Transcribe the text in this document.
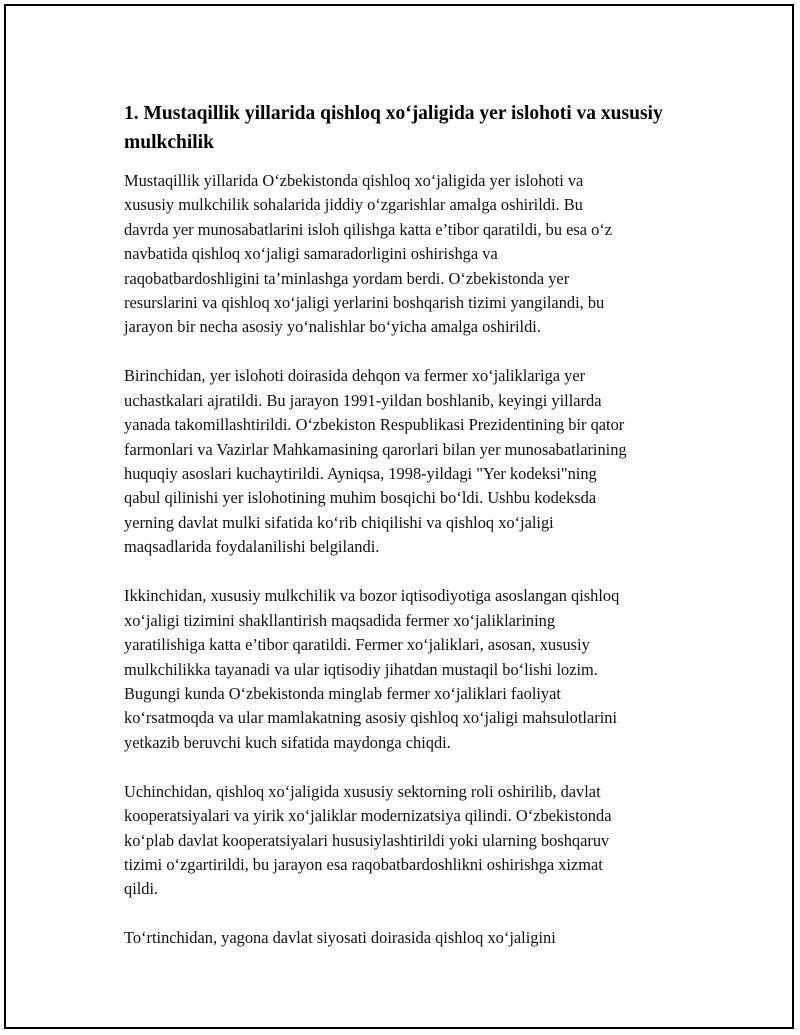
1. Mustaqillik yillarida qishloq xo‘jaligida yer islohoti va xususiy mulkchilik

Mustaqillik yillarida O‘zbekistonda qishloq xo‘jaligida yer islohoti va
xususiy mulkchilik sohalarida jiddiy o‘zgarishlar amalga oshirildi. Bu
davrda yer munosabatlarini isloh qilishga katta e’tibor qaratildi, bu esa o‘z
navbatida qishloq xo‘jaligi samaradorligini oshirishga va
raqobatbardoshligini ta’minlashga yordam berdi. O‘zbekistonda yer
resurslarini va qishloq xo‘jaligi yerlarini boshqarish tizimi yangilandi, bu
jarayon bir necha asosiy yo‘nalishlar bo‘yicha amalga oshirildi.

Birinchidan, yer islohoti doirasida dehqon va fermer xo‘jaliklariga yer
uchastkalari ajratildi. Bu jarayon 1991-yildan boshlanib, keyingi yillarda
yanada takomillashtirildi. O‘zbekiston Respublikasi Prezidentining bir qator
farmonlari va Vazirlar Mahkamasining qarorlari bilan yer munosabatlarining
huquqiy asoslari kuchaytirildi. Ayniqsa, 1998-yildagi "Yer kodeksi"ning
qabul qilinishi yer islohotining muhim bosqichi bo‘ldi. Ushbu kodeksda
yerning davlat mulki sifatida ko‘rib chiqilishi va qishloq xo‘jaligi
maqsadlarida foydalanilishi belgilandi.

Ikkinchidan, xususiy mulkchilik va bozor iqtisodiyotiga asoslangan qishloq
xo‘jaligi tizimini shakllantirish maqsadida fermer xo‘jaliklarining
yaratilishiga katta e’tibor qaratildi. Fermer xo‘jaliklari, asosan, xususiy
mulkchilikka tayanadi va ular iqtisodiy jihatdan mustaqil bo‘lishi lozim.
Bugungi kunda O‘zbekistonda minglab fermer xo‘jaliklari faoliyat
ko‘rsatmoqda va ular mamlakatning asosiy qishloq xo‘jaligi mahsulotlarini
yetkazib beruvchi kuch sifatida maydonga chiqdi.

Uchinchidan, qishloq xo‘jaligida xususiy sektorning roli oshirilib, davlat
kooperatsiyalari va yirik xo‘jaliklar modernizatsiya qilindi. O‘zbekistonda
ko‘plab davlat kooperatsiyalari hususiylashtirildi yoki ularning boshqaruv
tizimi o‘zgartirildi, bu jarayon esa raqobatbardoshlikni oshirishga xizmat
qildi.

To‘rtinchidan, yagona davlat siyosati doirasida qishloq xo‘jaligini
